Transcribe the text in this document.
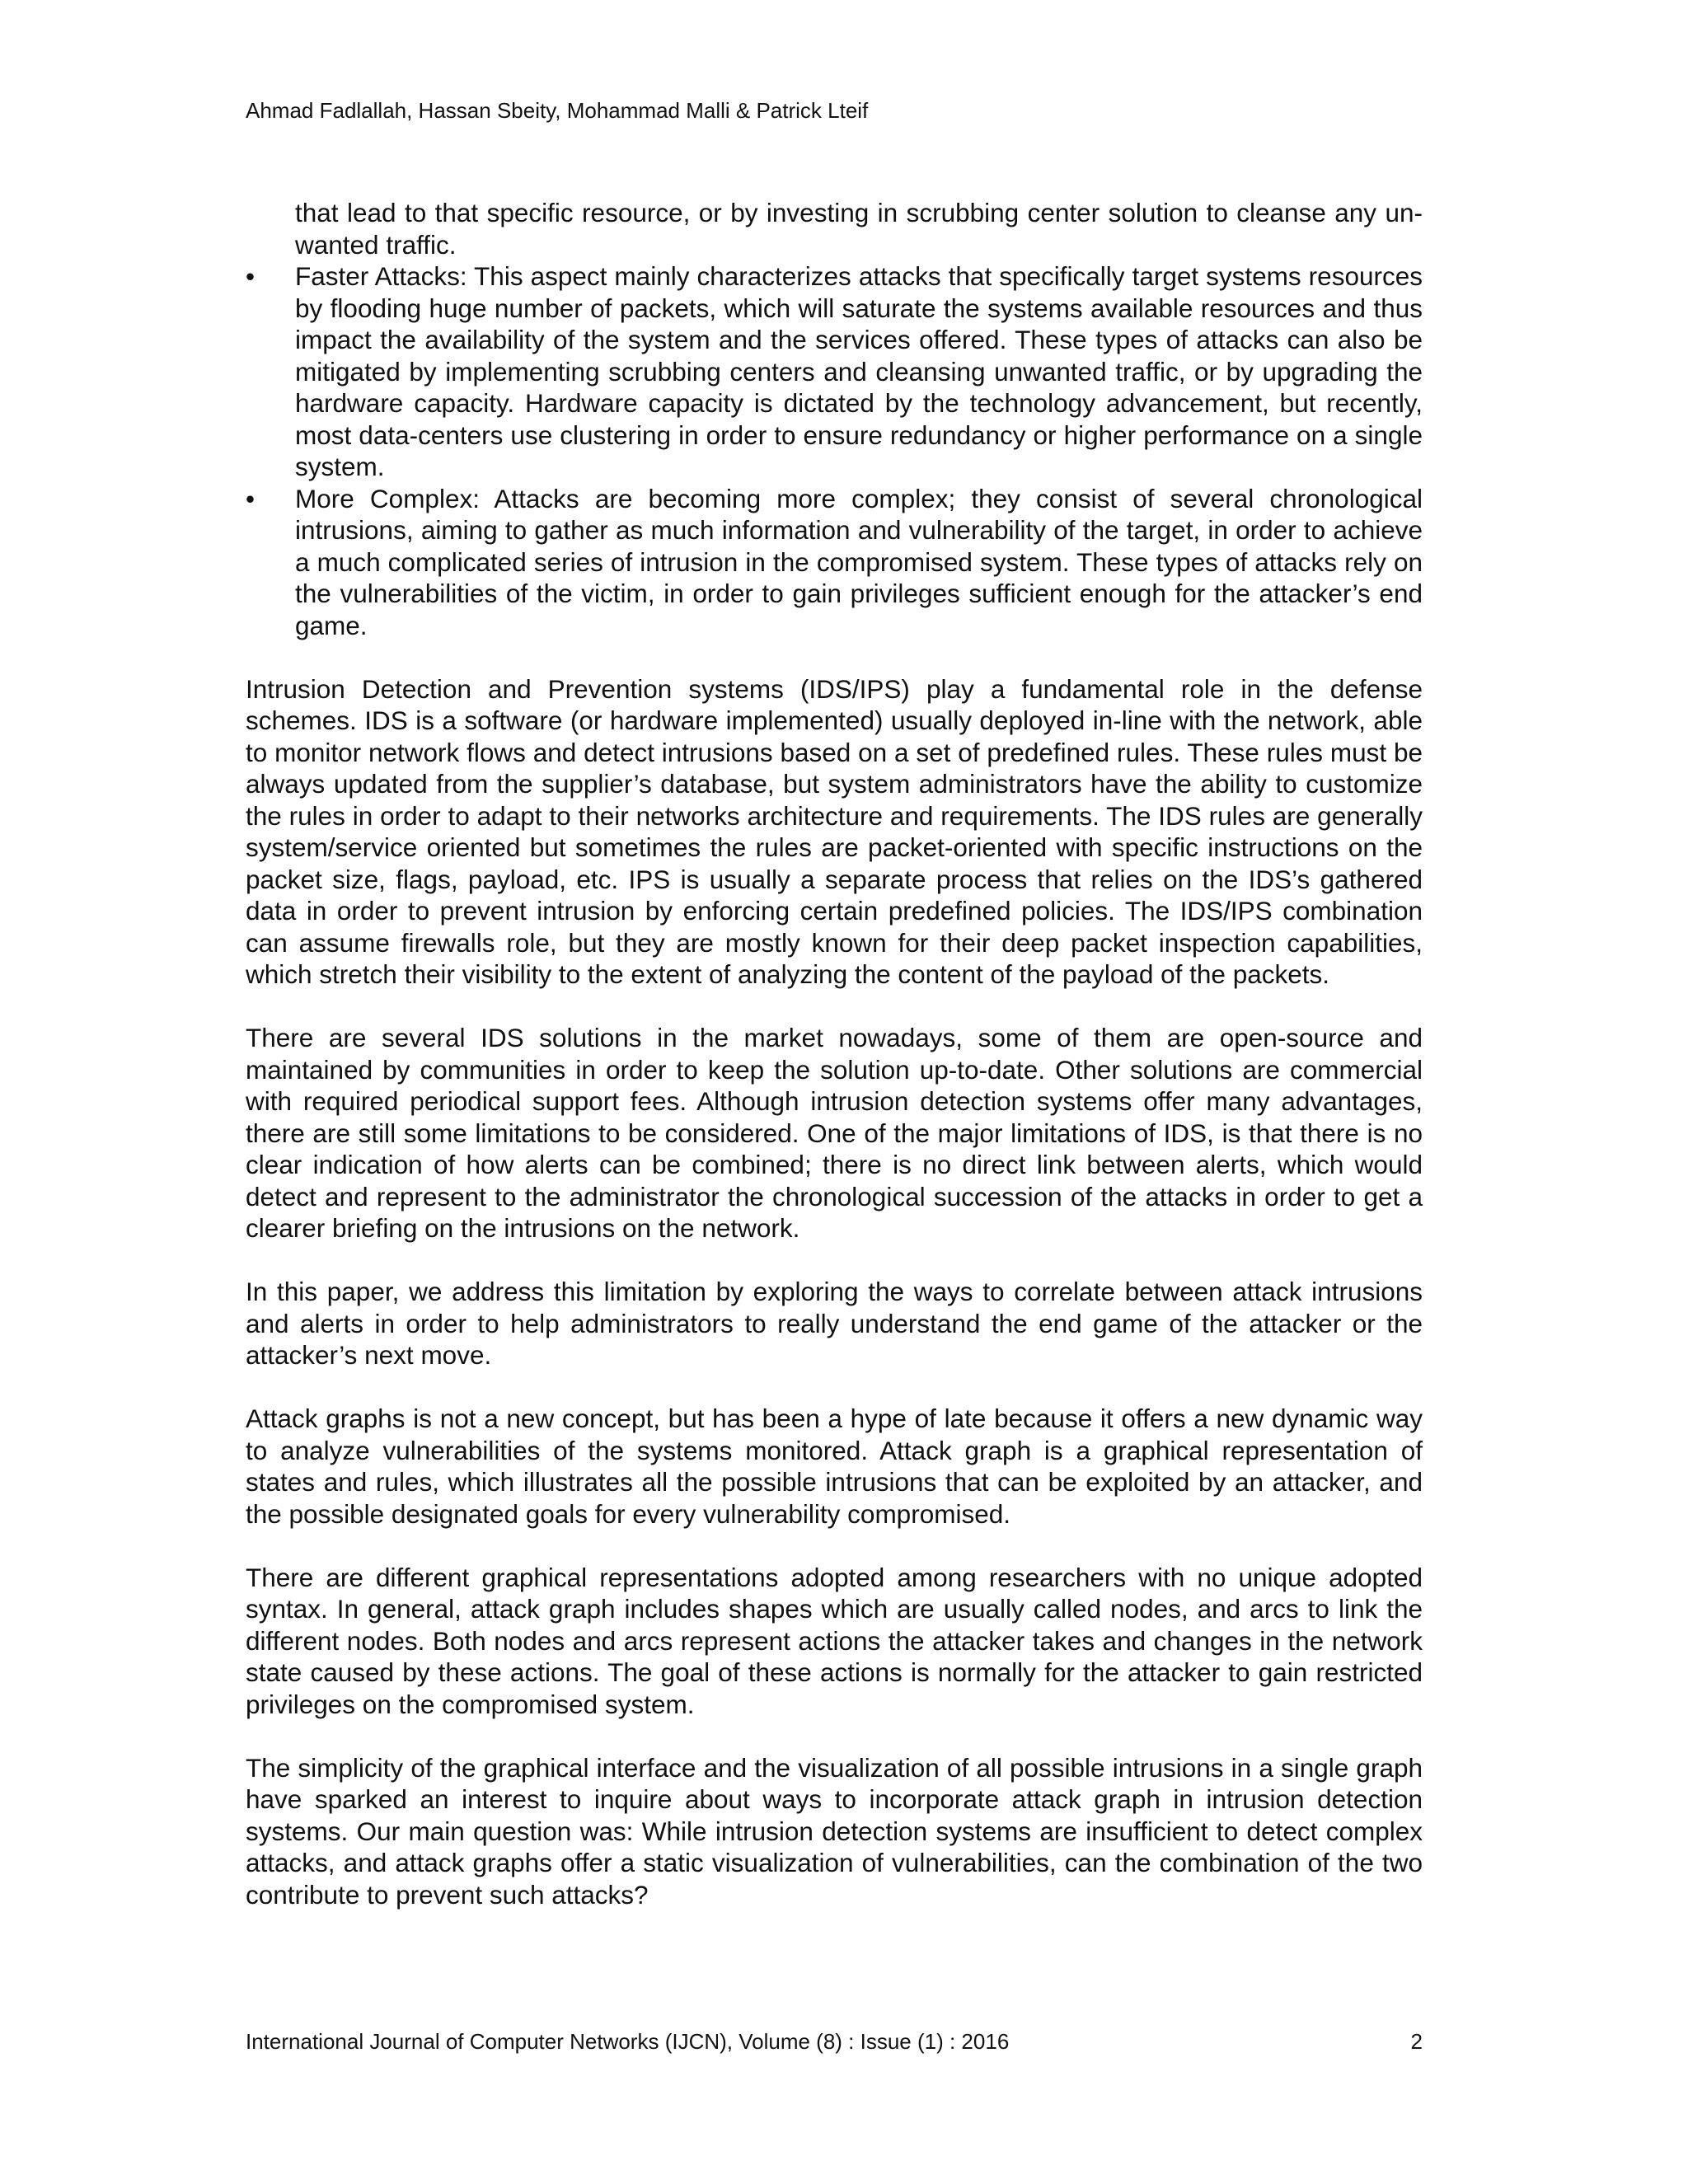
Ahmad Fadlallah, Hassan Sbeity, Mohammad Malli & Patrick Lteif

that lead to that specific resource, or by investing in scrubbing center solution to cleanse any un- wanted traffic.

• Faster Attacks: This aspect mainly characterizes attacks that specifically target systems resources by flooding huge number of packets, which will saturate the systems available resources and thus impact the availability of the system and the services offered. These types of attacks can also be mitigated by implementing scrubbing centers and cleansing unwanted traffic, or by upgrading the hardware capacity. Hardware capacity is dictated by the technology advancement, but recently, most data-centers use clustering in order to ensure redundancy or higher performance on a single system.
• More Complex: Attacks are becoming more complex; they consist of several chronological intrusions, aiming to gather as much information and vulnerability of the target, in order to achieve a much complicated series of intrusion in the compromised system. These types of attacks rely on the vulnerabilities of the victim, in order to gain privileges sufficient enough for the attacker’s end game.

Intrusion Detection and Prevention systems (IDS/IPS) play a fundamental role in the defense schemes. IDS is a software (or hardware implemented) usually deployed in-line with the network, able to monitor network flows and detect intrusions based on a set of predefined rules. These rules must be always updated from the supplier’s database, but system administrators have the ability to customize the rules in order to adapt to their networks architecture and requirements. The IDS rules are generally system/service oriented but sometimes the rules are packet-oriented with specific instructions on the packet size, flags, payload, etc. IPS is usually a separate process that relies on the IDS’s gathered data in order to prevent intrusion by enforcing certain predefined policies. The IDS/IPS combination can assume firewalls role, but they are mostly known for their deep packet inspection capabilities, which stretch their visibility to the extent of analyzing the content of the payload of the packets.

There are several IDS solutions in the market nowadays, some of them are open-source and maintained by communities in order to keep the solution up-to-date. Other solutions are commercial with required periodical support fees. Although intrusion detection systems offer many advantages, there are still some limitations to be considered. One of the major limitations of IDS, is that there is no clear indication of how alerts can be combined; there is no direct link between alerts, which would detect and represent to the administrator the chronological succession of the attacks in order to get a clearer briefing on the intrusions on the network.

In this paper, we address this limitation by exploring the ways to correlate between attack intrusions and alerts in order to help administrators to really understand the end game of the attacker or the attacker’s next move.

Attack graphs is not a new concept, but has been a hype of late because it offers a new dynamic way to analyze vulnerabilities of the systems monitored. Attack graph is a graphical representation of states and rules, which illustrates all the possible intrusions that can be exploited by an attacker, and the possible designated goals for every vulnerability compromised.

There are different graphical representations adopted among researchers with no unique adopted syntax. In general, attack graph includes shapes which are usually called nodes, and arcs to link the different nodes. Both nodes and arcs represent actions the attacker takes and changes in the network state caused by these actions. The goal of these actions is normally for the attacker to gain restricted privileges on the compromised system.

The simplicity of the graphical interface and the visualization of all possible intrusions in a single graph have sparked an interest to inquire about ways to incorporate attack graph in intrusion detection systems. Our main question was: While intrusion detection systems are insufficient to detect complex attacks, and attack graphs offer a static visualization of vulnerabilities, can the combination of the two contribute to prevent such attacks?

International Journal of Computer Networks (IJCN), Volume (8) : Issue (1) : 2016	2
